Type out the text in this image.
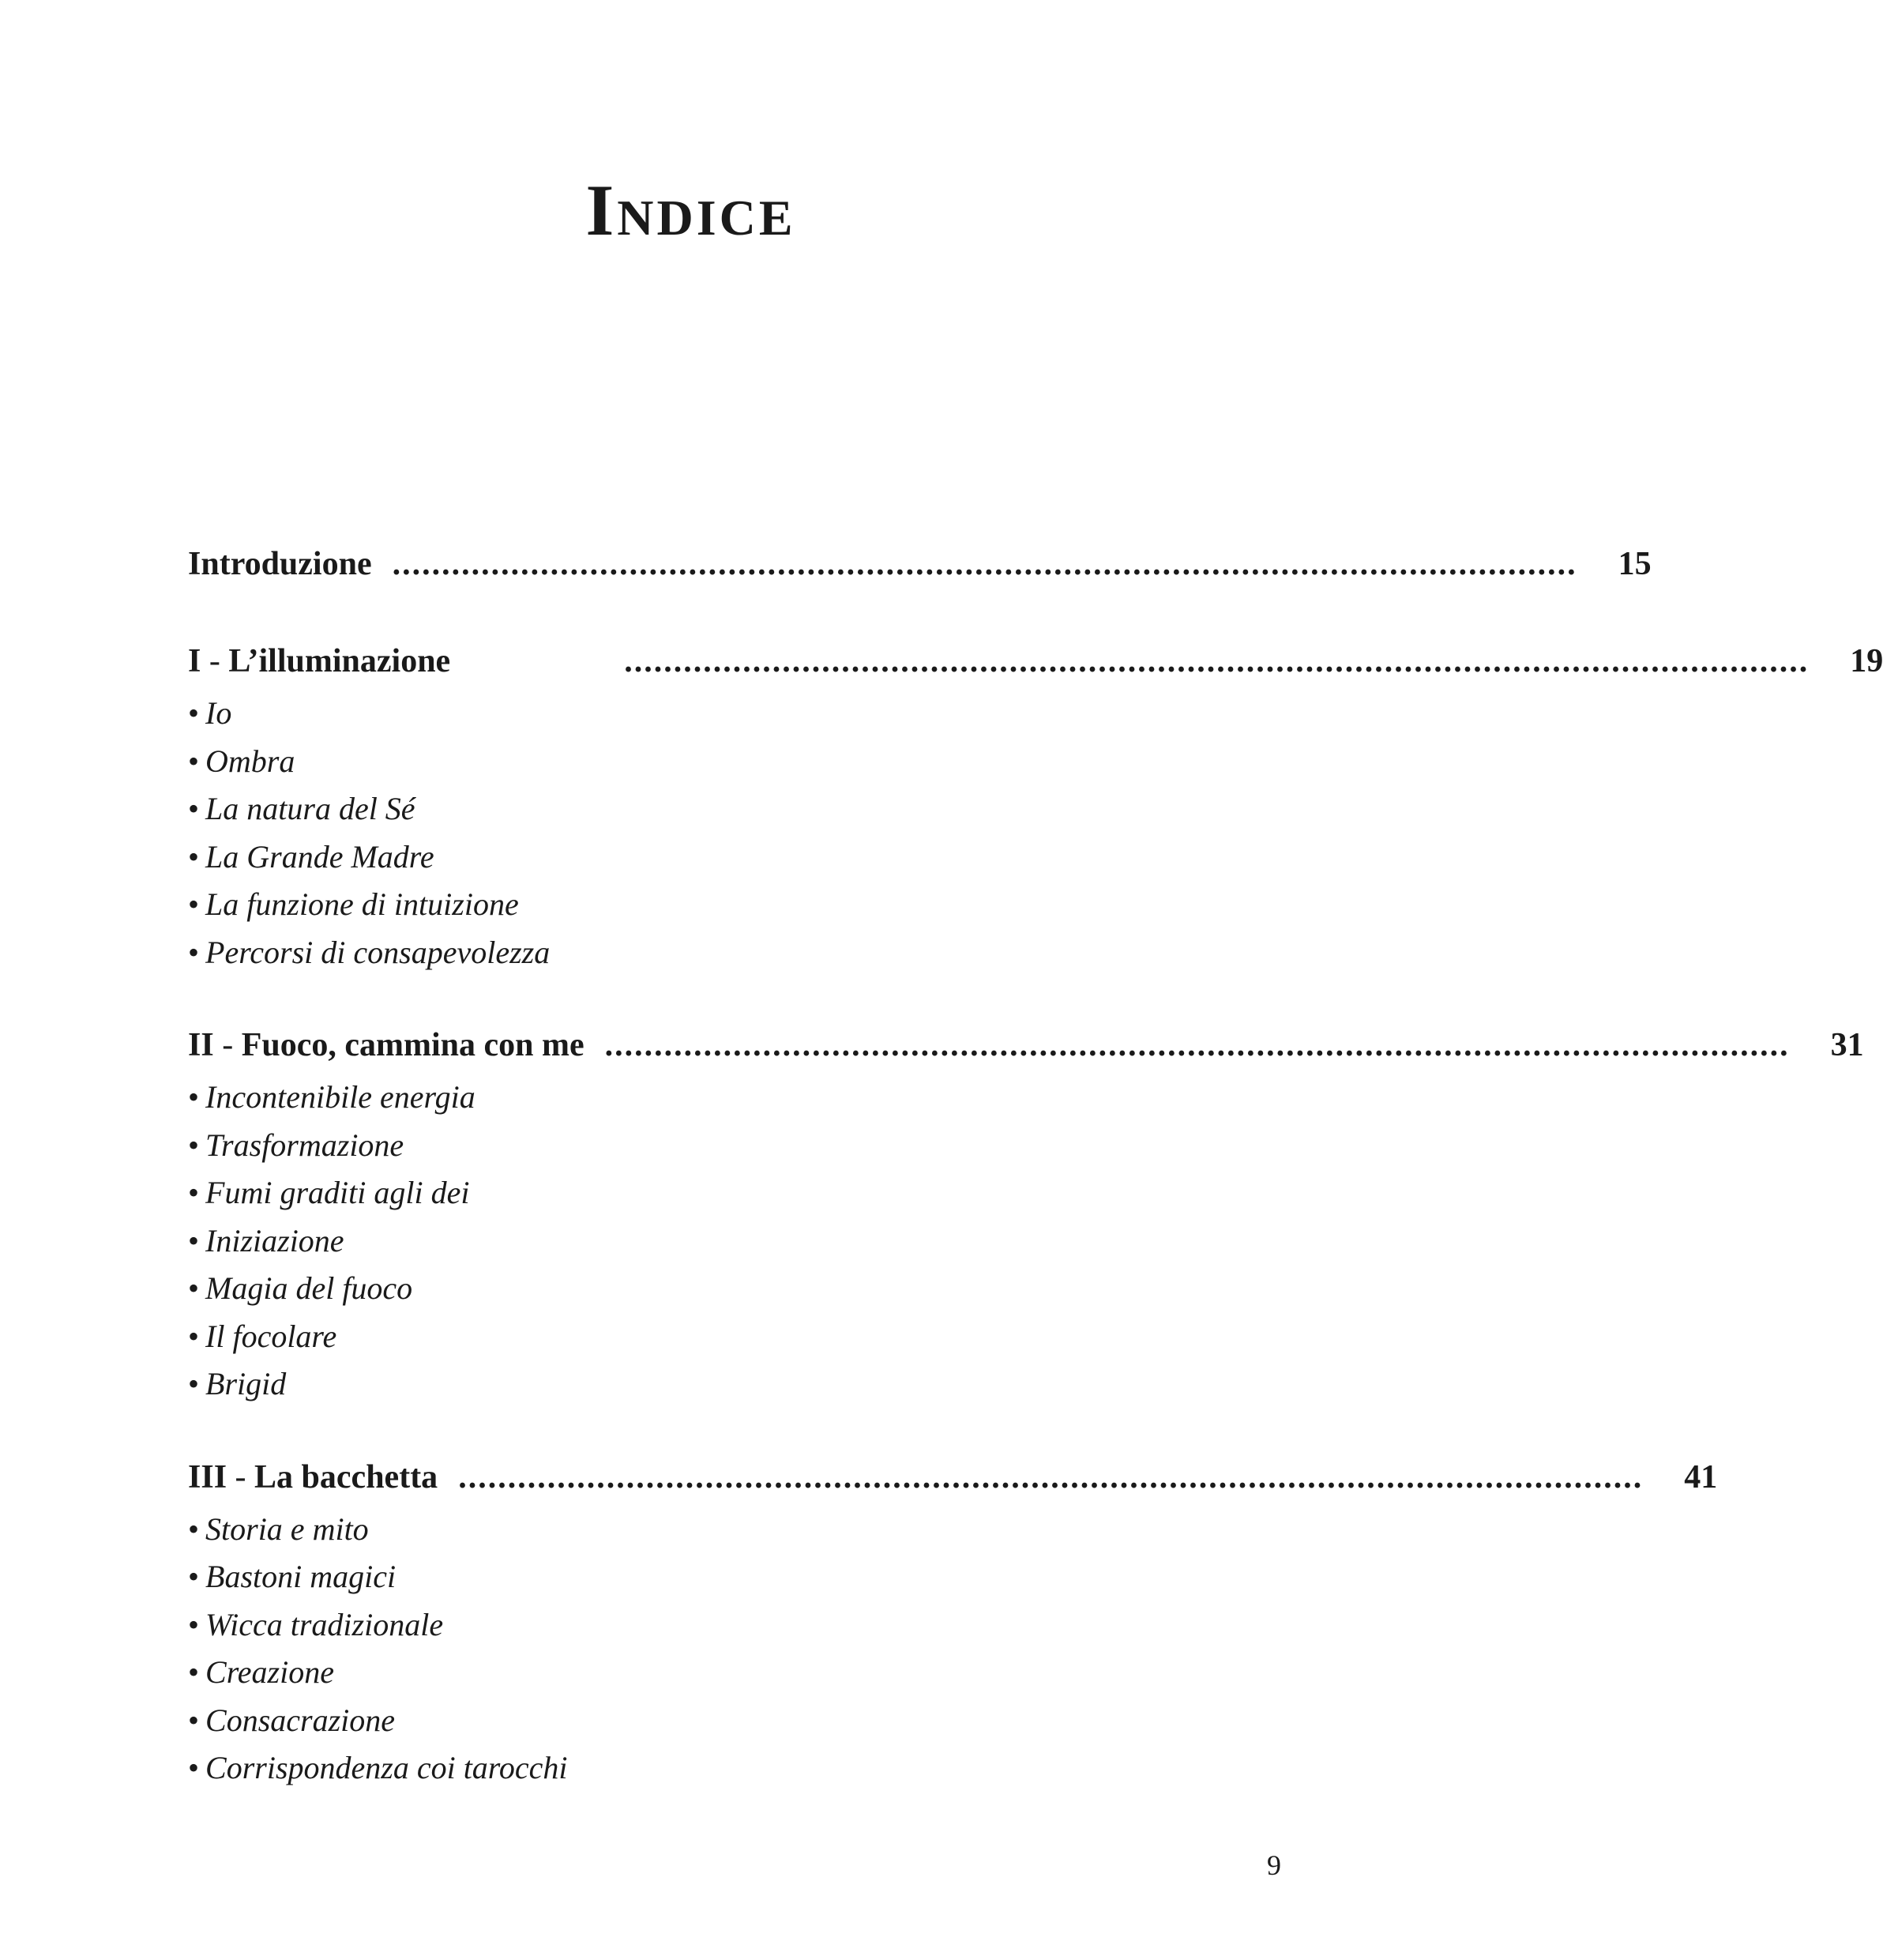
Indice
Introduzione ........................................................................................................................ 15
I - L’illuminazione	........................................................................................................................ 19
• Io
• Ombra
• La natura del Sé
• La Grande Madre
• La funzione di intuizione
• Percorsi di consapevolezza
II - Fuoco, cammina con me ........................................................................................................................ 31
• Incontenibile energia
• Trasformazione
• Fumi graditi agli dei
• Iniziazione
• Magia del fuoco
• Il focolare
• Brigid
III - La bacchetta ........................................................................................................................ 41
• Storia e mito
• Bastoni magici
• Wicca tradizionale
• Creazione
• Consacrazione
• Corrispondenza coi tarocchi
9
